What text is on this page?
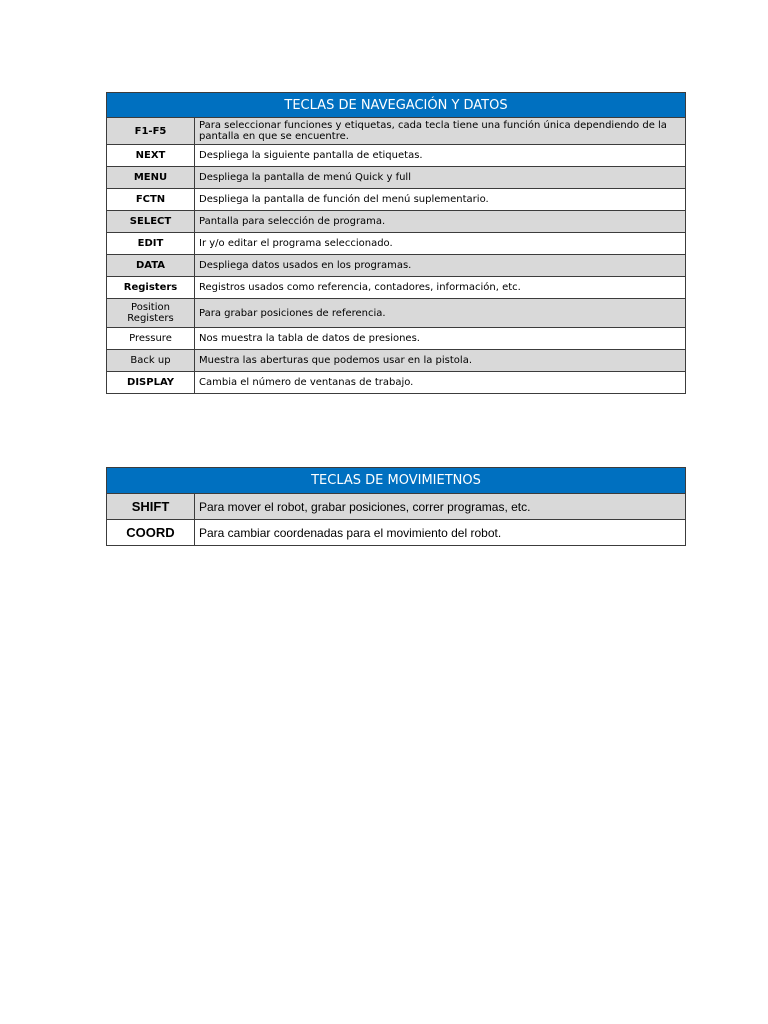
TECLAS DE NAVEGACIÓN Y DATOS	
F1-F5	Para seleccionar funciones y etiquetas, cada tecla tiene una función única dependiendo de la pantalla en que se encuentre.
NEXT	Despliega la siguiente pantalla de etiquetas.
MENU	Despliega la pantalla de menú Quick y full
FCTN	Despliega la pantalla de función del menú suplementario.
SELECT	Pantalla para selección de programa.
EDIT	Ir y/o editar el programa seleccionado.
DATA	Despliega datos usados en los programas.
Registers	Registros usados como referencia, contadores, información, etc.
Position Registers	Para grabar posiciones de referencia.
Pressure	Nos muestra la tabla de datos de presiones.
Back up	Muestra las aberturas que podemos usar en la pistola.
DISPLAY	Cambia el número de ventanas de trabajo.
TECLAS DE MOVIMIETNOS	
SHIFT	Para mover el robot, grabar posiciones, correr programas, etc.
COORD	Para cambiar coordenadas para el movimiento del robot.
